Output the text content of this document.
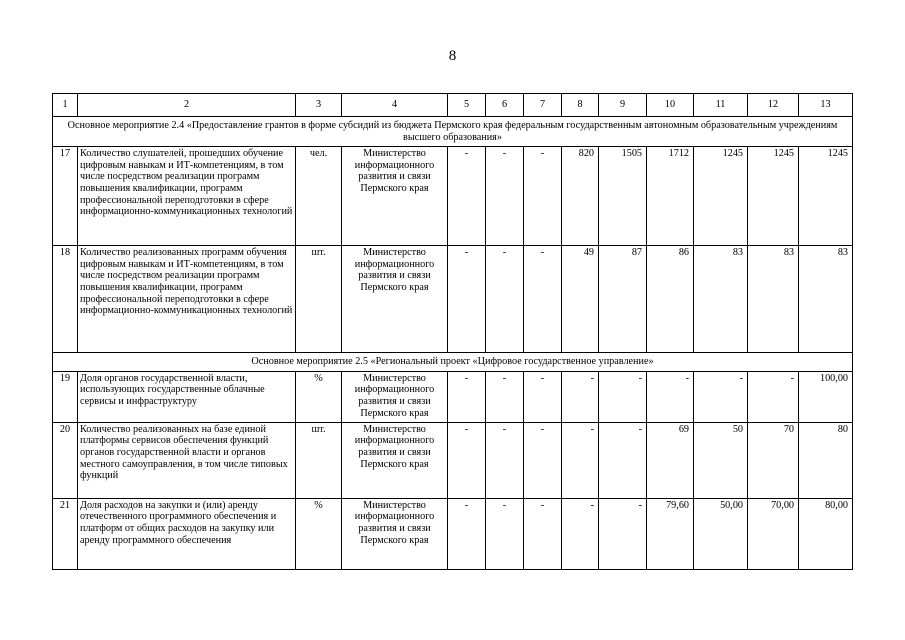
8
1	2	3	4	5	6	7	8	9	10	11	12	13
Основное мероприятие 2.4 «Предоставление грантов в форме субсидий из бюджета Пермского края федеральным государственным автономным образовательным учреждениям высшего образования»												
17	Количество слушателей, прошедших обучение цифровым навыкам и ИТ-компетенциям, в том числе посредством реализации программ повышения квалификации, программ профессиональной переподготовки в сфере информационно-коммуникационных технологий	чел.	Министерство информационного развития и связи Пермского края	-	-	-	820	1505	1712	1245	1245	1245
18	Количество реализованных программ обучения цифровым навыкам и ИТ-компетенциям, в том числе посредством реализации программ повышения квалификации, программ профессиональной переподготовки в сфере информационно-коммуникационных технологий	шт.	Министерство информационного развития и связи Пермского края	-	-	-	49	87	86	83	83	83
Основное мероприятие 2.5 «Региональный проект «Цифровое государственное управление»												
19	Доля органов государственной власти, использующих государственные облачные сервисы и инфраструктуру	%	Министерство информационного развития и связи Пермского края	-	-	-	-	-	-	-	-	100,00
20	Количество реализованных на базе единой платформы сервисов обеспечения функций органов государственной власти и органов местного самоуправления, в том числе типовых функций	шт.	Министерство информационного развития и связи Пермского края	-	-	-	-	-	69	50	70	80
21	Доля расходов на закупки и (или) аренду отечественного программного обеспечения и платформ от общих расходов на закупку или аренду программного обеспечения	%	Министерство информационного развития и связи Пермского края	-	-	-	-	-	79,60	50,00	70,00	80,00
